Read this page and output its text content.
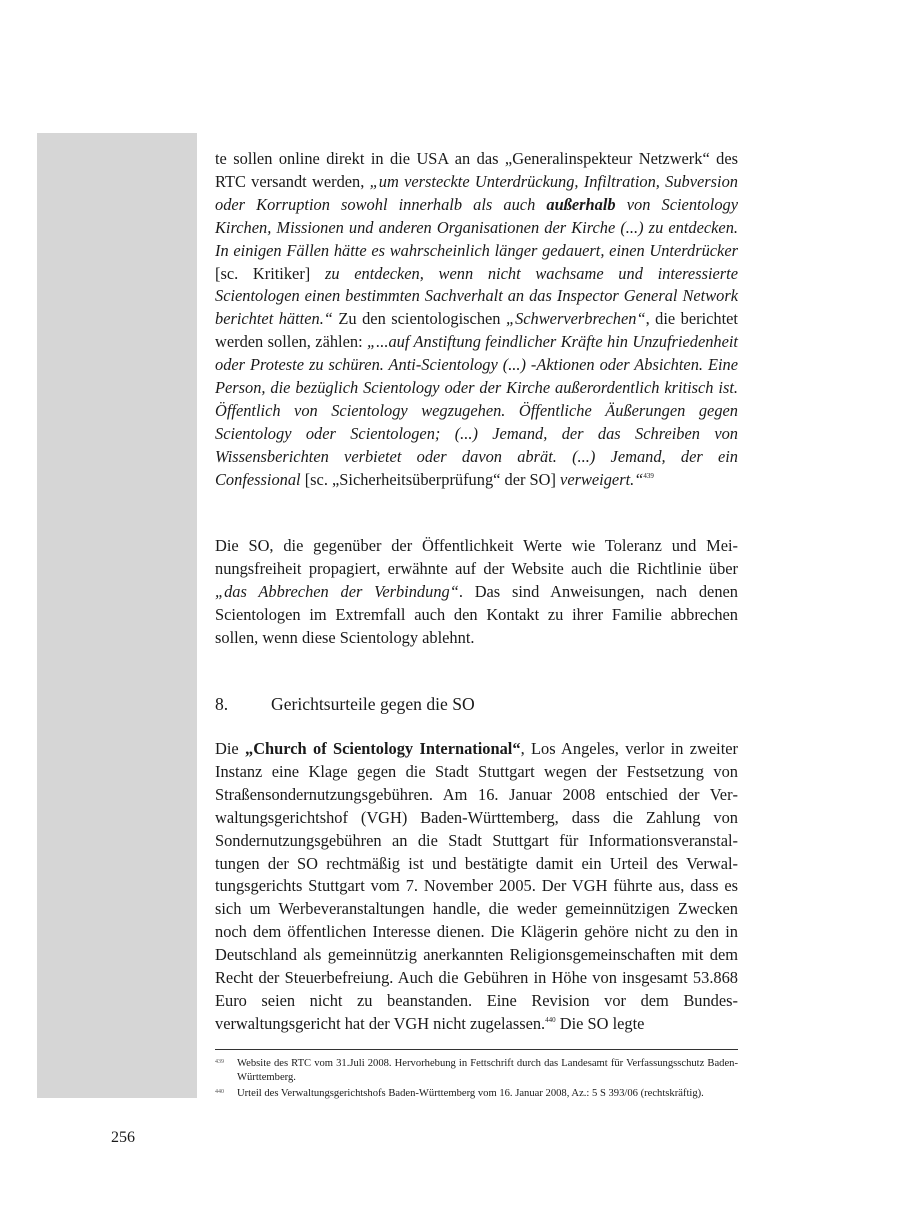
te sollen online direkt in die USA an das „Generalinspekteur Netzwerk“ des RTC versandt werden, „um versteckte Unterdrückung, Infiltration, Subversion oder Korruption sowohl innerhalb als auch außerhalb von Scientology Kirchen, Missionen und anderen Organisationen der Kirche (...) zu entdecken. In einigen Fällen hätte es wahrscheinlich länger gedauert, einen Unterdrücker [sc. Kritiker] zu entdecken, wenn nicht wachsame und interessierte Scientologen einen bestimmten Sachverhalt an das Inspector General Network berichtet hätten.“ Zu den scientologischen „Schwerverbrechen“, die berichtet werden sollen, zählen: „...auf Anstiftung feindlicher Kräfte hin Unzufriedenheit oder Proteste zu schüren. Anti-Scientology (...) -Aktionen oder Absichten. Eine Person, die bezüglich Scientology oder der Kirche außerordentlich kritisch ist. Öffentlich von Scientology wegzugehen. Öffentliche Äußerungen gegen Scientology oder Scientologen; (...) Jemand, der das Schreiben von Wissensberichten verbietet oder davon abrät. (...) Jemand, der ein Confessional [sc. „Sicherheitsüberprüfung“ der SO] verweigert.“$^{439}$

Die SO, die gegenüber der Öffentlichkeit Werte wie Toleranz und Meinungsfreiheit propagiert, erwähnte auf der Website auch die Richtlinie über „das Abbrechen der Verbindung“. Das sind Anweisungen, nach denen Scientologen im Extremfall auch den Kontakt zu ihrer Familie abbrechen sollen, wenn diese Scientology ablehnt.

8. Gerichtsurteile gegen die SO

Die „Church of Scientology International“, Los Angeles, verlor in zweiter Instanz eine Klage gegen die Stadt Stuttgart wegen der Festsetzung von Straßensondernutzungsgebühren. Am 16. Januar 2008 entschied der Verwaltungsgerichtshof (VGH) Baden-Württemberg, dass die Zahlung von Sondernutzungsgebühren an die Stadt Stuttgart für Informationsveranstaltungen der SO rechtmäßig ist und bestätigte damit ein Urteil des Verwaltungsgerichts Stuttgart vom 7. November 2005. Der VGH führte aus, dass es sich um Werbeveranstaltungen handle, die weder gemeinnützigen Zwecken noch dem öffentlichen Interesse dienen. Die Klägerin gehöre nicht zu den in Deutschland als gemeinnützig anerkannten Religionsgemeinschaften mit dem Recht der Steuerbefreiung. Auch die Gebühren in Höhe von insgesamt 53.868 Euro seien nicht zu beanstanden. Eine Revision vor dem Bundesverwaltungsgericht hat der VGH nicht zugelassen.$^{440}$ Die SO legte

439	Website des RTC vom 31.Juli 2008. Hervorhebung in Fettschrift durch das Landesamt für Verfassungsschutz Baden-Württemberg.
440	Urteil des Verwaltungsgerichtshofs Baden-Württemberg vom 16. Januar 2008, Az.: 5 S 393/06 (rechtskräftig).
256
